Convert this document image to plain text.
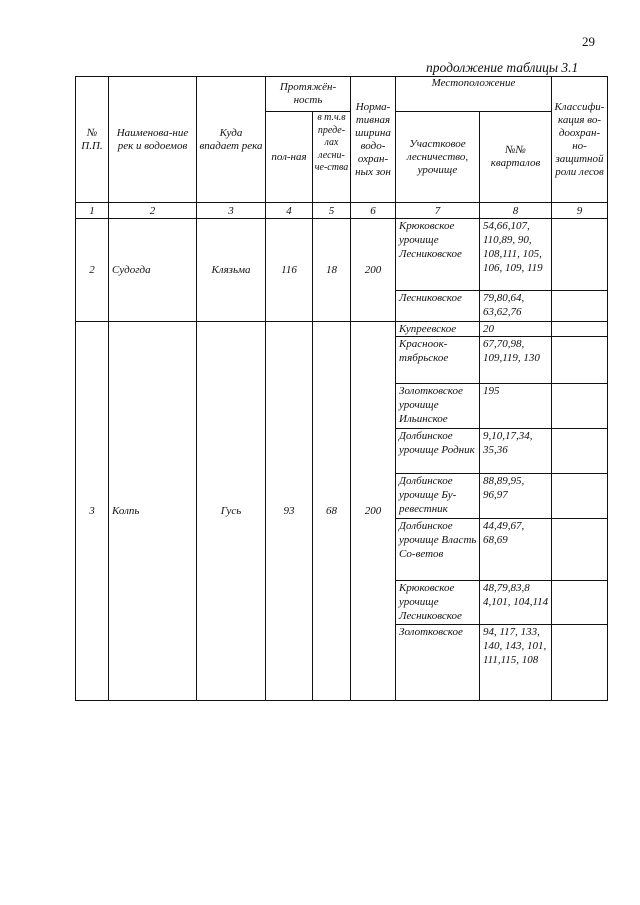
29
продолжение таблицы 3.1
№ П.П.	Наименова-ние рек и водоемов	Куда впадает река	Протяжён-ность		Норма-тивная ширина водо-охран-ных зон	Местоположение		Классифи-кация во-доохран-но-защитной роли лесов
			пол-ная	в т.ч.в преде-лах лесни-че-ства		Участковое лесничество, урочище	№№ кварталов	
1	2	3	4	5	6	7	8	9
2	Судогда	Клязьма	116	18	200	Крюковское урочище Лесниковское	54,66,107, 110,89, 90, 108,111, 105, 106, 109, 119	
						Лесниковское	79,80,64, 63,62,76	
3	Колпь	Гусь	93	68	200	Купреевское	20	
						Красноок-тябрьское	67,70,98, 109,119, 130	
						Золотковское урочище Ильинское	195	
						Долбинское урочище Родник	9,10,17,34, 35,36	
						Долбинское урочище Бу-ревестник	88,89,95, 96,97	
						Долбинское урочище Власть Со-ветов	44,49,67, 68,69	
						Крюковское урочище Лесниковское	48,79,83,8 4,101, 104,114	
						Золотковское	94, 117, 133, 140, 143, 101, 111,115, 108	
